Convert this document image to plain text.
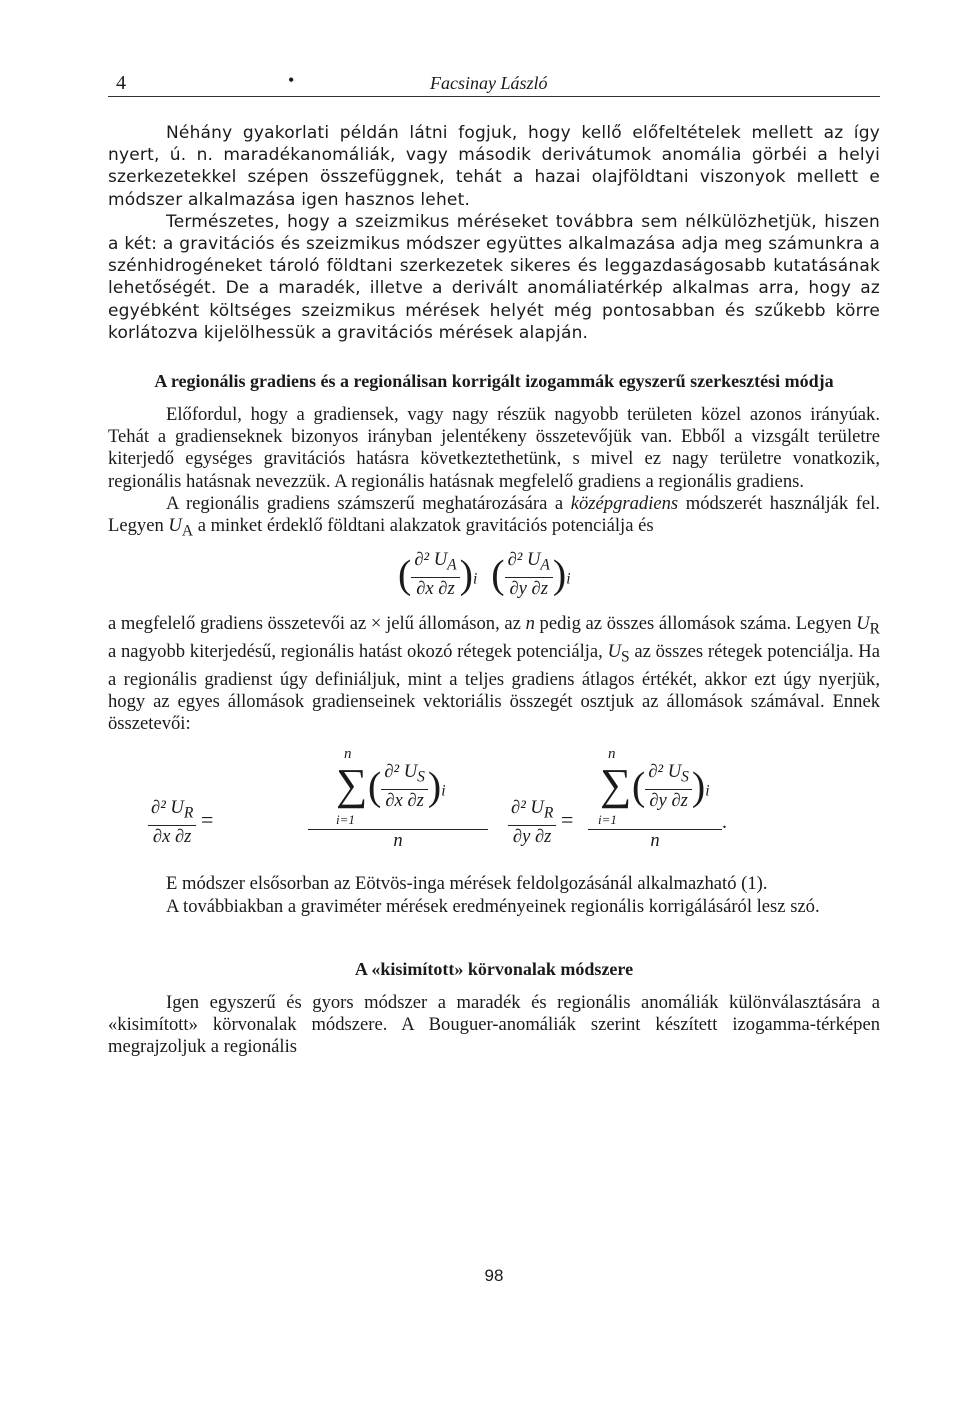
4	•	Facsinay László

Néhány gyakorlati példán látni fogjuk, hogy kellő előfeltételek mellett az így nyert, ú. n. maradékanomáliák, vagy második derivátumok anomália görbéi a helyi szerkezetekkel szépen összefüggnek, tehát a hazai olajföldtani viszonyok mellett e módszer alkalmazása igen hasznos lehet.

Természetes, hogy a szeizmikus méréseket továbbra sem nélkülözhetjük, hiszen a két: a gravitációs és szeizmikus módszer együttes alkalmazása adja meg számunkra a szénhidrogéneket tároló földtani szerkezetek sikeres és leggazdaságosabb kutatásának lehetőségét. De a maradék, illetve a derivált anomáliatérkép alkalmas arra, hogy az egyébként költséges szeizmikus mérések helyét még pontosabban és szűkebb körre korlátozva kijelölhessük a gravitációs mérések alapján.

A regionális gradiens és a regionálisan korrigált izogammák egyszerű szerkesztési módja

Előfordul, hogy a gradiensek, vagy nagy részük nagyobb területen közel azonos irányúak. Tehát a gradienseknek bizonyos irányban jelentékeny összetevőjük van. Ebből a vizsgált területre kiterjedő egységes gravitációs hatásra következtethetünk, s mivel ez nagy területre vonatkozik, regionális hatásnak nevezzük. A regionális hatásnak megfelelő gradiens a regionális gradiens.

A regionális gradiens számszerű meghatározására a középgradiens módszerét használják fel. Legyen $U_A$ a minket érdeklő földtani alakzatok gravitációs potenciálja és

( $\frac{\partial^2 U_A}{\partial x \partial z} )_i$ ( $\frac{\partial^2 U_A}{\partial y \partial z} )_i$

a megfelelő gradiens összetevői az × jelű állomáson, az n pedig az összes állomások száma. Legyen $U_R$ a nagyobb kiterjedésű, regionális hatást okozó rétegek potenciálja, $U_S$ az összes rétegek potenciálja. Ha a regionális gradienst úgy definiáljuk, mint a teljes gradiens átlagos értékét, akkor ezt úgy nyerjük, hogy az egyes állomások gradienseinek vektoriális összegét osztjuk az állomások számával. Ennek összetevői:

$\frac{\partial^2 U_R}{\partial x \partial z}$ =
n
∑
i=1
( $\frac{\partial^2 U_S}{\partial x \partial z} )_i$
n	$\frac{\partial^2 U_R}{\partial y \partial z}$ =
n
∑
i=1
( $\frac{\partial^2 U_S}{\partial y \partial z} )_i$
n
.

E módszer elsősorban az Eötvös-inga mérések feldolgozásánál alkalmazható (1).

A továbbiakban a graviméter mérések eredményeinek regionális korrigálásáról lesz szó.

A «kisimított» körvonalak módszere

Igen egyszerű és gyors módszer a maradék és regionális anomáliák különválasztására a «kisimított» körvonalak módszere. A Bouguer-anomáliák szerint készített izogamma-térképen megrajzoljuk a regionális

98
